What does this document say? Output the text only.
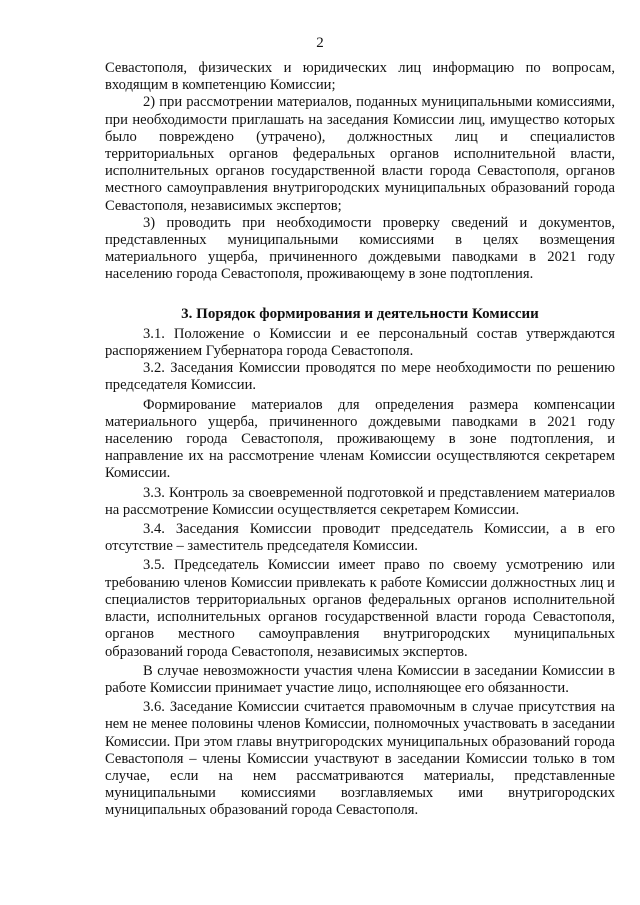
2

Севастополя, физических и юридических лиц информацию по вопросам, входящим в компетенцию Комиссии;

2) при рассмотрении материалов, поданных муниципальными комиссиями, при необходимости приглашать на заседания Комиссии лиц, имущество которых было повреждено (утрачено), должностных лиц и специалистов территориальных органов федеральных органов исполнительной власти, исполнительных органов государственной власти города Севастополя, органов местного самоуправления внутригородских муниципальных образований города Севастополя, независимых экспертов;

3) проводить при необходимости проверку сведений и документов, представленных муниципальными комиссиями в целях возмещения материального ущерба, причиненного дождевыми паводками в 2021 году населению города Севастополя, проживающему в зоне подтопления.

3. Порядок формирования и деятельности Комиссии

3.1. Положение о Комиссии и ее персональный состав утверждаются распоряжением Губернатора города Севастополя.

3.2. Заседания Комиссии проводятся по мере необходимости по решению председателя Комиссии.

Формирование материалов для определения размера компенсации материального ущерба, причиненного дождевыми паводками в 2021 году населению города Севастополя, проживающему в зоне подтопления, и направление их на рассмотрение членам Комиссии осуществляются секретарем Комиссии.

3.3. Контроль за своевременной подготовкой и представлением материалов на рассмотрение Комиссии осуществляется секретарем Комиссии.

3.4. Заседания Комиссии проводит председатель Комиссии, а в его отсутствие – заместитель председателя Комиссии.

3.5. Председатель Комиссии имеет право по своему усмотрению или требованию членов Комиссии привлекать к работе Комиссии должностных лиц и специалистов территориальных органов федеральных органов исполнительной власти, исполнительных органов государственной власти города Севастополя, органов местного самоуправления внутригородских муниципальных образований города Севастополя, независимых экспертов.

В случае невозможности участия члена Комиссии в заседании Комиссии в работе Комиссии принимает участие лицо, исполняющее его обязанности.

3.6. Заседание Комиссии считается правомочным в случае присутствия на нем не менее половины членов Комиссии, полномочных участвовать в заседании Комиссии. При этом главы внутригородских муниципальных образований города Севастополя – члены Комиссии участвуют в заседании Комиссии только в том случае, если на нем рассматриваются материалы, представленные муниципальными комиссиями возглавляемых ими внутригородских муниципальных образований города Севастополя.
